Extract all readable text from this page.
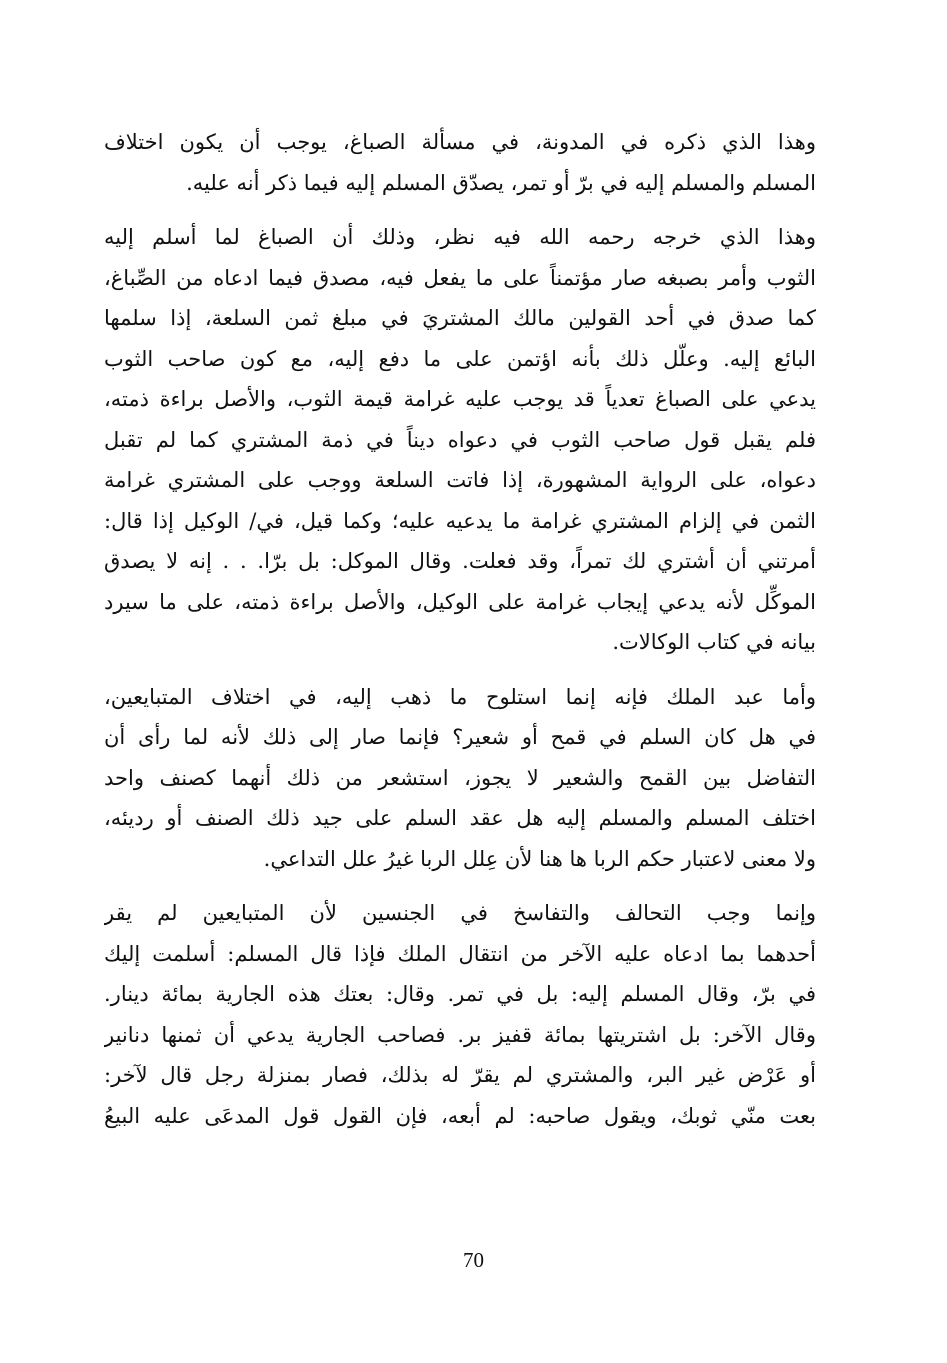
وهذا الذي ذكره في المدونة، في مسألة الصباغ، يوجب أن يكون اختلاف
المسلم والمسلم إليه في برّ أو تمر، يصدّق المسلم إليه فيما ذكر أنه عليه.
وهذا الذي خرجه رحمه الله فيه نظر، وذلك أن الصباغ لما أسلم إليه
الثوب وأمر بصبغه صار مؤتمناً على ما يفعل فيه، مصدق فيما ادعاه من الصِّباغ،
كما صدق في أحد القولين مالك المشتريَ في مبلغ ثمن السلعة، إذا سلمها
البائع إليه. وعلّل ذلك بأنه اؤتمن على ما دفع إليه، مع كون صاحب الثوب
يدعي على الصباغ تعدياً قد يوجب عليه غرامة قيمة الثوب، والأصل براءة ذمته،
فلم يقبل قول صاحب الثوب في دعواه ديناً في ذمة المشتري كما لم تقبل
دعواه، على الرواية المشهورة، إذا فاتت السلعة ووجب على المشتري غرامة
الثمن في إلزام المشتري غرامة ما يدعيه عليه؛ وكما قيل، في/ الوكيل إذا قال:
أمرتني أن أشتري لك تمراً، وقد فعلت. وقال الموكل: بل برّا. . . إنه لا يصدق
الموكِّل لأنه يدعي إيجاب غرامة على الوكيل، والأصل براءة ذمته، على ما سيرد
بيانه في كتاب الوكالات.
وأما عبد الملك فإنه إنما استلوح ما ذهب إليه، في اختلاف المتبايعين،
في هل كان السلم في قمح أو شعير؟ فإنما صار إلى ذلك لأنه لما رأى أن
التفاضل بين القمح والشعير لا يجوز، استشعر من ذلك أنهما كصنف واحد
اختلف المسلم والمسلم إليه هل عقد السلم على جيد ذلك الصنف أو رديئه،
ولا معنى لاعتبار حكم الربا ها هنا لأن عِلل الربا غيرُ علل التداعي.
وإنما وجب التحالف والتفاسخ في الجنسين لأن المتبايعين لم يقر
أحدهما بما ادعاه عليه الآخر من انتقال الملك فإذا قال المسلم: أسلمت إليك
في برّ، وقال المسلم إليه: بل في تمر. وقال: بعتك هذه الجارية بمائة دينار.
وقال الآخر: بل اشتريتها بمائة قفيز بر. فصاحب الجارية يدعي أن ثمنها دنانير
أو عَرْض غير البر، والمشتري لم يقرّ له بذلك، فصار بمنزلة رجل قال لآخر:
بعت منّي ثوبك، ويقول صاحبه: لم أبعه، فإن القول قول المدعَى عليه البيعُ
70
